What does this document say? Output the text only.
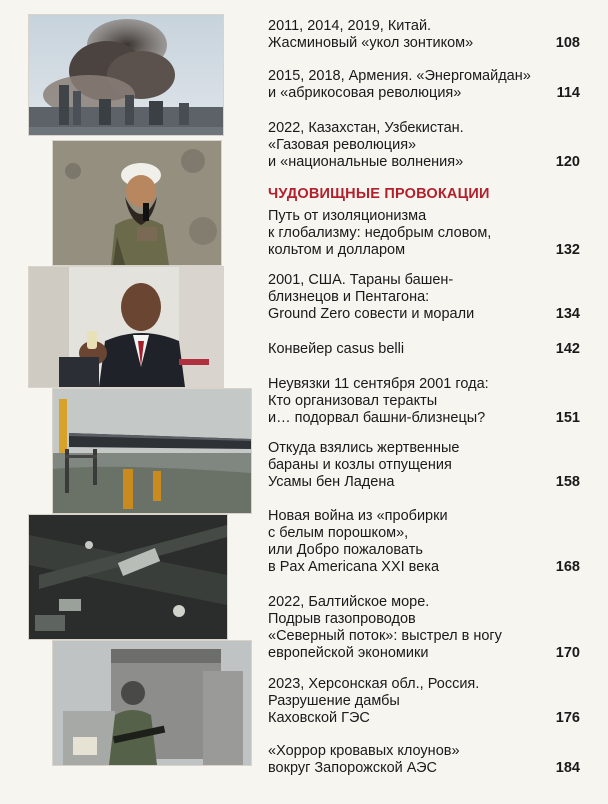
2011, 2014, 2019, Китай.
Жасминовый «укол зонтиком»	108
2015, 2018, Армения. «Энергомайдан»
и «абрикосовая революция»	114
2022, Казахстан, Узбекистан.
«Газовая революция»
и «национальные волнения»	120
ЧУДОВИЩНЫЕ ПРОВОКАЦИИ
Путь от изоляционизма
к глобализму: недобрым словом,
кольтом и долларом	132
2001, США. Тараны башен-
близнецов и Пентагона:
Ground Zero совести и морали	134
Конвейер casus belli	142
Неувязки 11 сентября 2001 года:
Кто организовал теракты
и… подорвал башни-близнецы?	151
Откуда взялись жертвенные
бараны и козлы отпущения
Усамы бен Ладена	158
Новая война из «пробирки
с белым порошком»,
или Добро пожаловать
в Pax Americana XXI века	168
2022, Балтийское море.
Подрыв газопроводов
«Северный поток»: выстрел в ногу
европейской экономики	170
2023, Херсонская обл., Россия.
Разрушение дамбы
Каховской ГЭС	176
«Хоррор кровавых клоунов»
вокруг Запорожской АЭС	184
